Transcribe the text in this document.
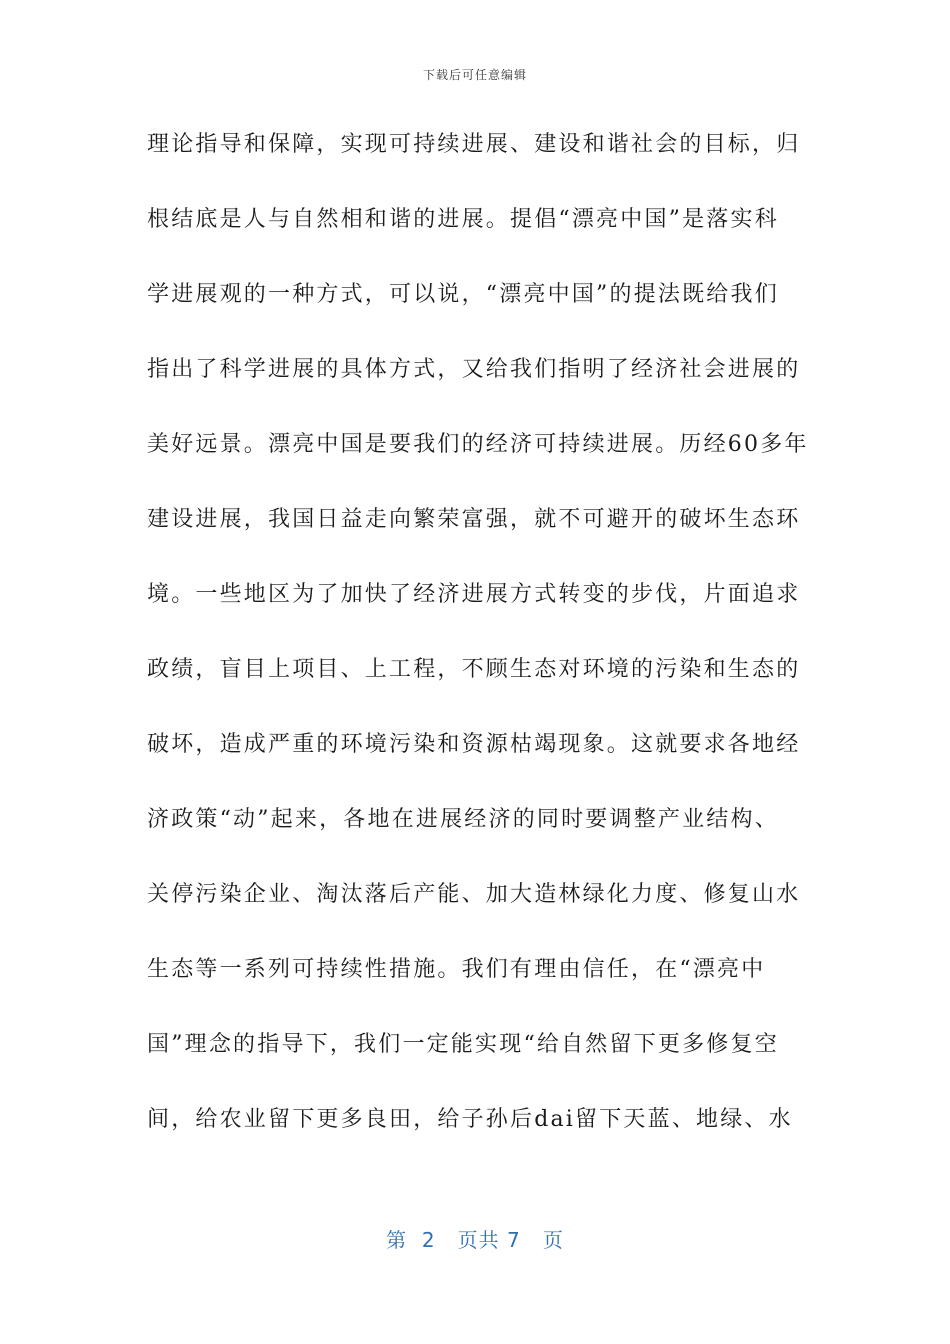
下载后可任意编辑
理论指导和保障，实现可持续进展、建设和谐社会的目标，归
根结底是人与自然相和谐的进展。提倡“漂亮中国”是落实科
学进展观的一种方式，可以说，“漂亮中国”的提法既给我们
指出了科学进展的具体方式，又给我们指明了经济社会进展的
美好远景。漂亮中国是要我们的经济可持续进展。历经60多年
建设进展，我国日益走向繁荣富强，就不可避开的破坏生态环
境。一些地区为了加快了经济进展方式转变的步伐，片面追求
政绩，盲目上项目、上工程，不顾生态对环境的污染和生态的
破坏，造成严重的环境污染和资源枯竭现象。这就要求各地经
济政策“动”起来，各地在进展经济的同时要调整产业结构、
关停污染企业、淘汰落后产能、加大造林绿化力度、修复山水
生态等一系列可持续性措施。我们有理由信任，在“漂亮中
国”理念的指导下，我们一定能实现“给自然留下更多修复空
间，给农业留下更多良田，给子孙后dai留下天蓝、地绿、水
第 2 页共 7 页
